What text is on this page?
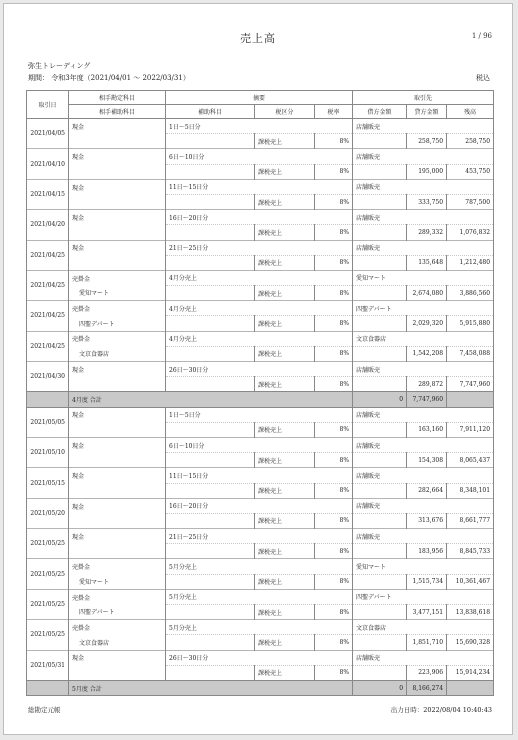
売上高	1 / 96
弥生トレーディング
期間： 令和3年度（2021/04/01 ～ 2022/03/31）	税込
取引日	相手勘定科目	摘要			取引先		
	相手補助科目	補助科目	税区分	税率	借方金額	貸方金額	残高
2021/04/05	現金	1日～5日分			店舗販売		
			課税売上	8%		258,750	258,750
2021/04/10	現金	6日～10日分			店舗販売		
			課税売上	8%		195,000	453,750
2021/04/15	現金	11日～15日分			店舗販売		
			課税売上	8%		333,750	787,500
2021/04/20	現金	16日～20日分			店舗販売		
			課税売上	8%		289,332	1,076,832
2021/04/25	現金	21日～25日分			店舗販売		
			課税売上	8%		135,648	1,212,480
2021/04/25	売掛金	4月分売上			愛知マート		
	愛知マート		課税売上	8%		2,674,080	3,886,560
2021/04/25	売掛金	4月分売上			四聖デパート		
	四聖デパート		課税売上	8%		2,029,320	5,915,880
2021/04/25	売掛金	4月分売上			文京食器店		
	文京食器店		課税売上	8%		1,542,208	7,458,088
2021/04/30	現金	26日～30日分			店舗販売		
			課税売上	8%		289,872	7,747,960
	4月度 合計				0	7,747,960	
2021/05/05	現金	1日～5日分			店舗販売		
			課税売上	8%		163,160	7,911,120
2021/05/10	現金	6日～10日分			店舗販売		
			課税売上	8%		154,308	8,065,437
2021/05/15	現金	11日～15日分			店舗販売		
			課税売上	8%		282,664	8,348,101
2021/05/20	現金	16日～20日分			店舗販売		
			課税売上	8%		313,676	8,661,777
2021/05/25	現金	21日～25日分			店舗販売		
			課税売上	8%		183,956	8,845,733
2021/05/25	売掛金	5月分売上			愛知マート		
	愛知マート		課税売上	8%		1,515,734	10,361,467
2021/05/25	売掛金	5月分売上			四聖デパート		
	四聖デパート		課税売上	8%		3,477,151	13,838,618
2021/05/25	売掛金	5月分売上			文京食器店		
	文京食器店		課税売上	8%		1,851,710	15,690,328
2021/05/31	現金	26日～30日分			店舗販売		
			課税売上	8%		223,906	15,914,234
	5月度 合計				0	8,166,274	
総勘定元帳	出力日時：2022/08/04 10:40:43
